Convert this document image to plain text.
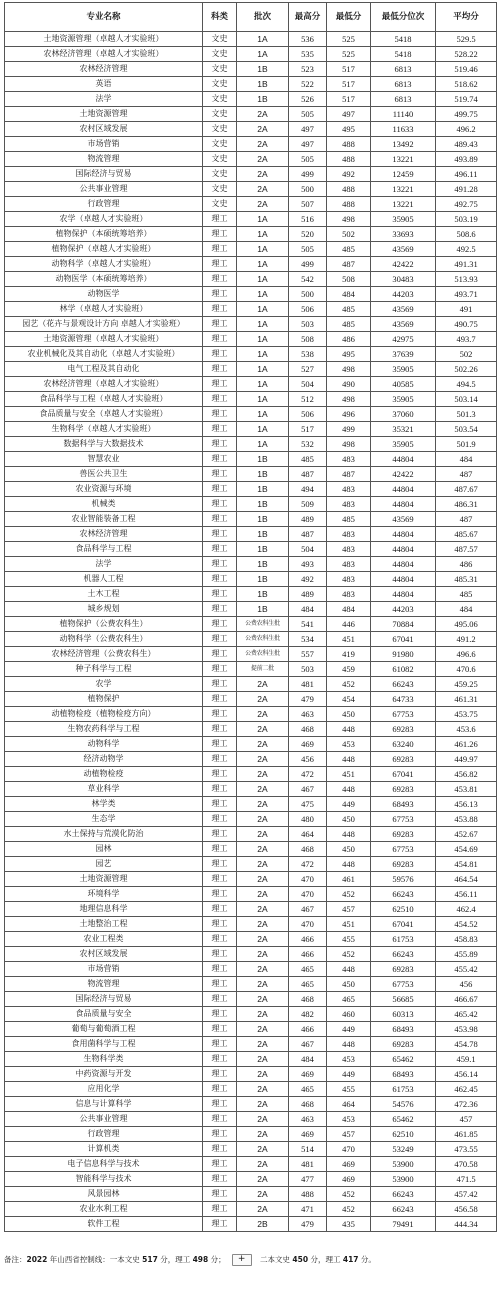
专业名称	科类	批次	最高分	最低分	最低分位次	平均分
土地资源管理（卓越人才实验班）	文史	1A	536	525	5418	529.5
农林经济管理（卓越人才实验班）	文史	1A	535	525	5418	528.22
农林经济管理	文史	1B	523	517	6813	519.46
英语	文史	1B	522	517	6813	518.62
法学	文史	1B	526	517	6813	519.74
土地资源管理	文史	2A	505	497	11140	499.75
农村区域发展	文史	2A	497	495	11633	496.2
市场营销	文史	2A	497	488	13492	489.43
物流管理	文史	2A	505	488	13221	493.89
国际经济与贸易	文史	2A	499	492	12459	496.11
公共事业管理	文史	2A	500	488	13221	491.28
行政管理	文史	2A	507	488	13221	492.75
农学（卓越人才实验班）	理工	1A	516	498	35905	503.19
植物保护（本硕统筹培养）	理工	1A	520	502	33693	508.6
植物保护（卓越人才实验班）	理工	1A	505	485	43569	492.5
动物科学（卓越人才实验班）	理工	1A	499	487	42422	491.31
动物医学（本硕统筹培养）	理工	1A	542	508	30483	513.93
动物医学	理工	1A	500	484	44203	493.71
林学（卓越人才实验班）	理工	1A	506	485	43569	491
园艺（花卉与景观设计方向 卓越人才实验班）	理工	1A	503	485	43569	490.75
土地资源管理（卓越人才实验班）	理工	1A	508	486	42975	493.7
农业机械化及其自动化（卓越人才实验班）	理工	1A	538	495	37639	502
电气工程及其自动化	理工	1A	527	498	35905	502.26
农林经济管理（卓越人才实验班）	理工	1A	504	490	40585	494.5
食品科学与工程（卓越人才实验班）	理工	1A	512	498	35905	503.14
食品质量与安全（卓越人才实验班）	理工	1A	506	496	37060	501.3
生物科学（卓越人才实验班）	理工	1A	517	499	35321	503.54
数据科学与大数据技术	理工	1A	532	498	35905	501.9
智慧农业	理工	1B	485	483	44804	484
兽医公共卫生	理工	1B	487	487	42422	487
农业资源与环境	理工	1B	494	483	44804	487.67
机械类	理工	1B	509	483	44804	486.31
农业智能装备工程	理工	1B	489	485	43569	487
农林经济管理	理工	1B	487	483	44804	485.67
食品科学与工程	理工	1B	504	483	44804	487.57
法学	理工	1B	493	483	44804	486
机器人工程	理工	1B	492	483	44804	485.31
土木工程	理工	1B	489	483	44804	485
城乡规划	理工	1B	484	484	44203	484
植物保护（公费农科生）	理工	公费农科生批	541	446	70884	495.06
动物科学（公费农科生）	理工	公费农科生批	534	451	67041	491.2
农林经济管理（公费农科生）	理工	公费农科生批	557	419	91980	496.6
种子科学与工程	理工	提前二批	503	459	61082	470.6
农学	理工	2A	481	452	66243	459.25
植物保护	理工	2A	479	454	64733	461.31
动植物检疫（植物检疫方向）	理工	2A	463	450	67753	453.75
生物农药科学与工程	理工	2A	468	448	69283	453.6
动物科学	理工	2A	469	453	63240	461.26
经济动物学	理工	2A	456	448	69283	449.97
动植物检疫	理工	2A	472	451	67041	456.82
草业科学	理工	2A	467	448	69283	453.81
林学类	理工	2A	475	449	68493	456.13
生态学	理工	2A	480	450	67753	453.88
水土保持与荒漠化防治	理工	2A	464	448	69283	452.67
园林	理工	2A	468	450	67753	454.69
园艺	理工	2A	472	448	69283	454.81
土地资源管理	理工	2A	470	461	59576	464.54
环境科学	理工	2A	470	452	66243	456.11
地理信息科学	理工	2A	467	457	62510	462.4
土地整治工程	理工	2A	470	451	67041	454.52
农业工程类	理工	2A	466	455	61753	458.83
农村区域发展	理工	2A	466	452	66243	455.89
市场营销	理工	2A	465	448	69283	455.42
物流管理	理工	2A	465	450	67753	456
国际经济与贸易	理工	2A	468	465	56685	466.67
食品质量与安全	理工	2A	482	460	60313	465.42
葡萄与葡萄酒工程	理工	2A	466	449	68493	453.98
食用菌科学与工程	理工	2A	467	448	69283	454.78
生物科学类	理工	2A	484	453	65462	459.1
中药资源与开发	理工	2A	469	449	68493	456.14
应用化学	理工	2A	465	455	61753	462.45
信息与计算科学	理工	2A	468	464	54576	472.36
公共事业管理	理工	2A	463	453	65462	457
行政管理	理工	2A	469	457	62510	461.85
计算机类	理工	2A	514	470	53249	473.55
电子信息科学与技术	理工	2A	481	469	53900	470.58
智能科学与技术	理工	2A	477	469	53900	471.5
风景园林	理工	2A	488	452	66243	457.42
农业水利工程	理工	2A	471	452	66243	456.58
软件工程	理工	2B	479	435	79491	444.34
备注：2022 年山西省控制线：一本文史 517 分，理工 498 分； + 二本文史 450 分，理工 417 分。
